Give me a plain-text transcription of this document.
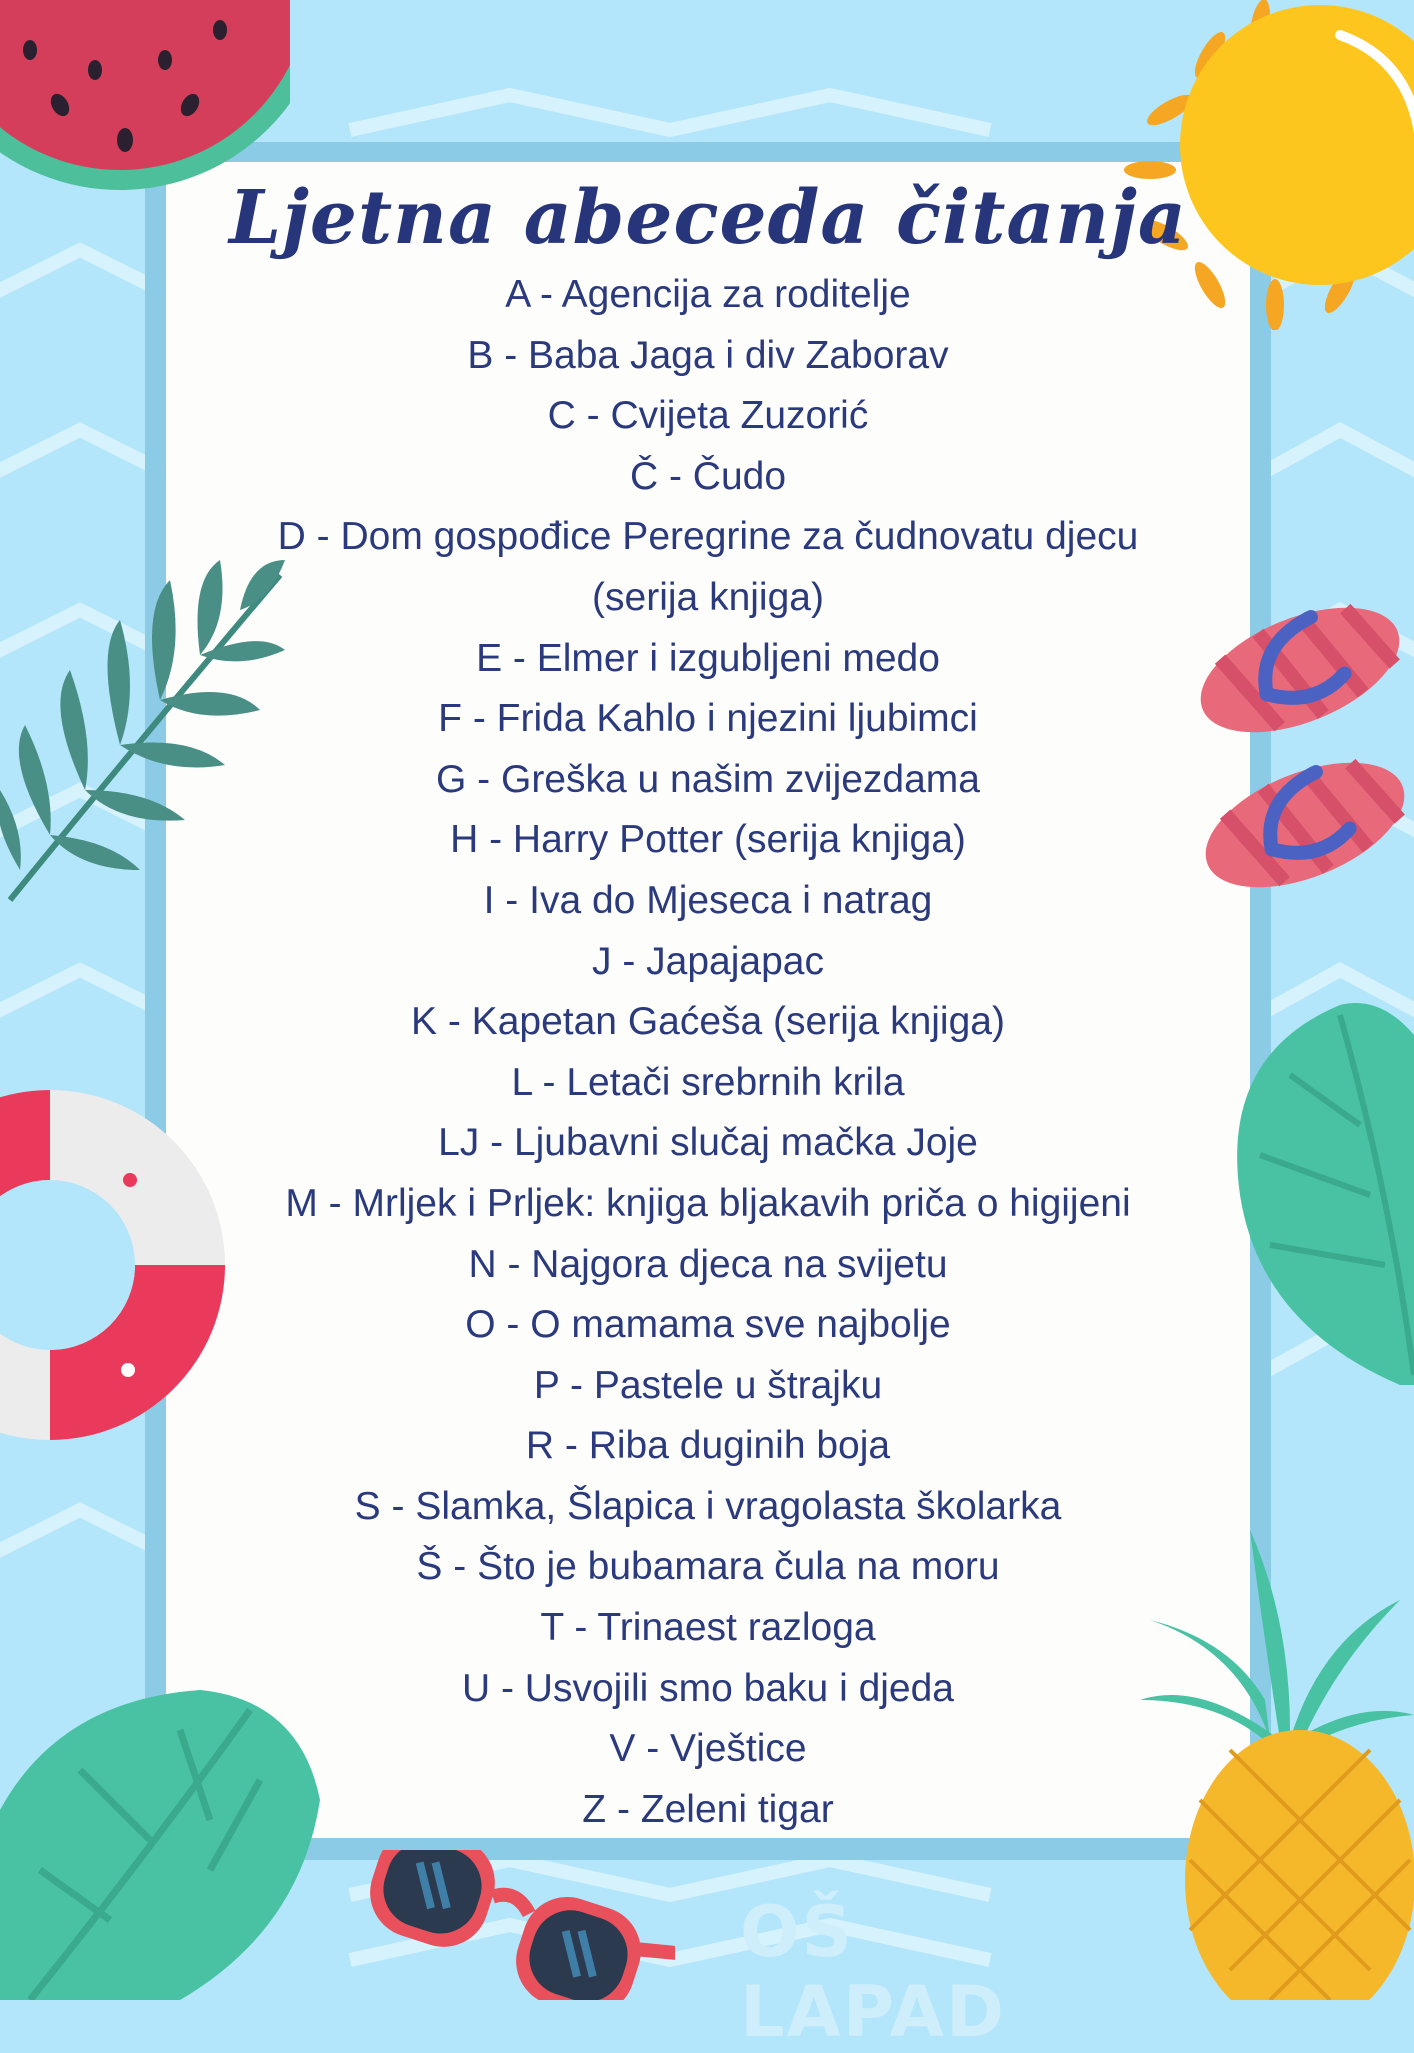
Ljetna abeceda čitanja
A - Agencija za roditelje
B - Baba Jaga i div Zaborav
C - Cvijeta Zuzorić
Č - Čudo
D - Dom gospođice Peregrine za čudnovatu djecu
(serija knjiga)
E - Elmer i izgubljeni medo
F - Frida Kahlo i njezini ljubimci
G - Greška u našim zvijezdama
H - Harry Potter (serija knjiga)
I - Iva do Mjeseca i natrag
J - Japajapac
K - Kapetan Gaćeša (serija knjiga)
L - Letači srebrnih krila
LJ - Ljubavni slučaj mačka Joje
M - Mrljek i Prljek: knjiga bljakavih priča o higijeni
N - Najgora djeca na svijetu
O - O mamama sve najbolje
P - Pastele u štrajku
R - Riba duginih boja
S - Slamka, Šlapica i vragolasta školarka
Š - Što je bubamara čula na moru
T - Trinaest razloga
U - Usvojili smo baku i djeda
V - Vještice
Z - Zeleni tigar
OŠ LAPAD
